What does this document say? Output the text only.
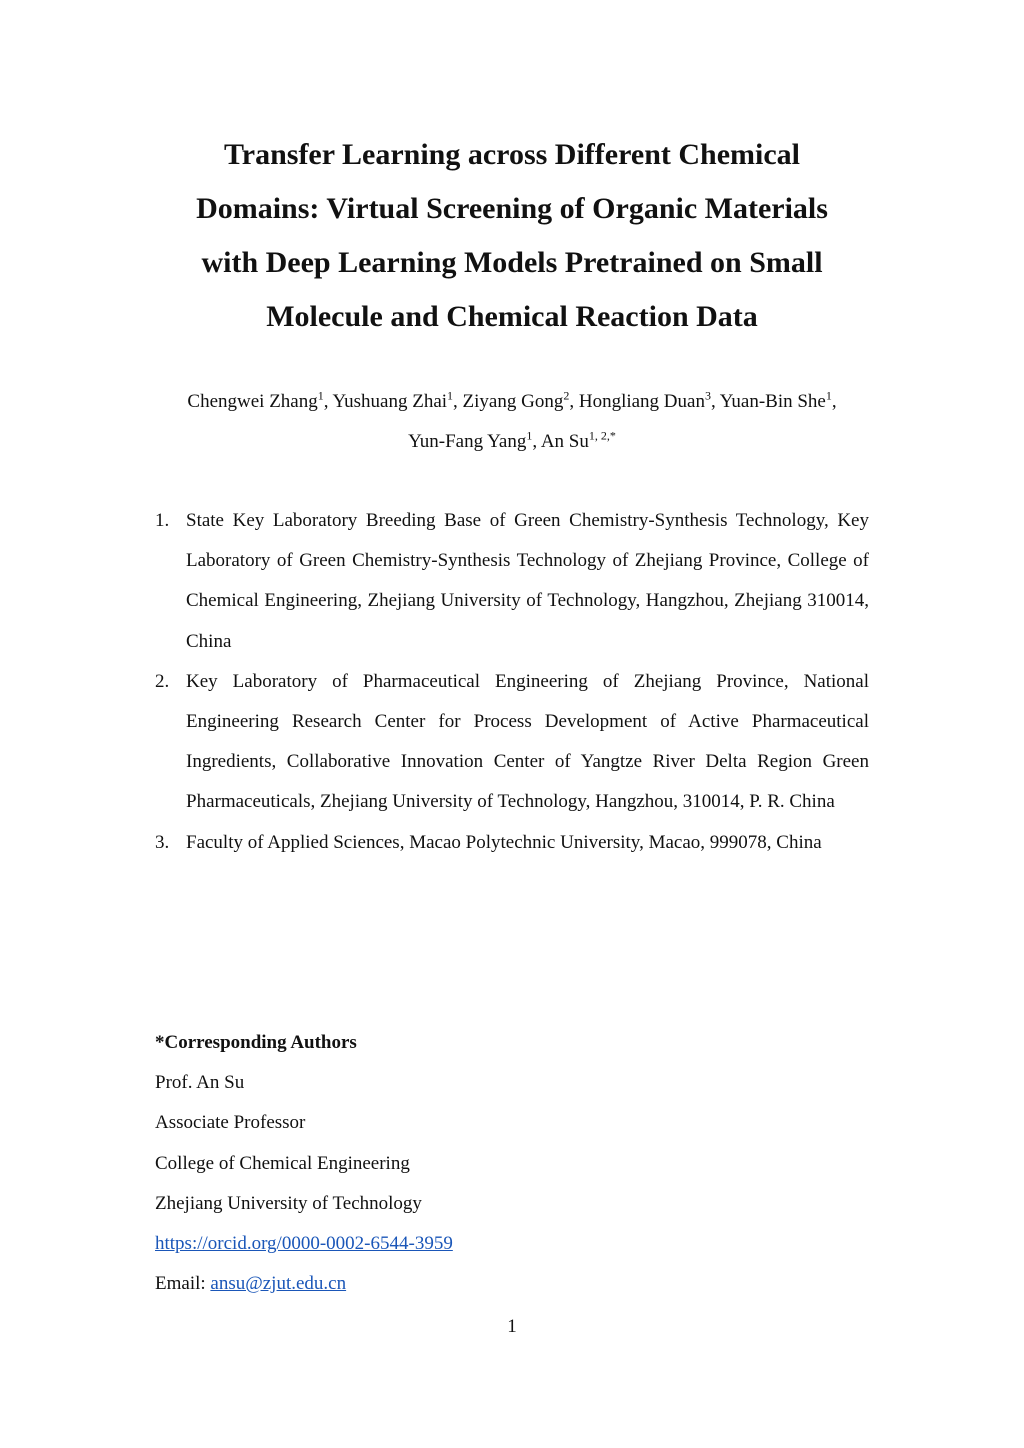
Transfer Learning across Different Chemical
Domains: Virtual Screening of Organic Materials
with Deep Learning Models Pretrained on Small
Molecule and Chemical Reaction Data
Chengwei Zhang$^1$, Yushuang Zhai$^1$, Ziyang Gong$^2$, Hongliang Duan$^3$, Yuan-Bin She$^1$,
Yun-Fang Yang$^1$, An $Su^{1, 2,*}$
1. State Key Laboratory Breeding Base of Green Chemistry-Synthesis Technology, Key Laboratory of Green Chemistry-Synthesis Technology of Zhejiang Province, College of Chemical Engineering, Zhejiang University of Technology, Hangzhou, Zhejiang 310014, China
2. Key Laboratory of Pharmaceutical Engineering of Zhejiang Province, National Engineering Research Center for Process Development of Active Pharmaceutical Ingredients, Collaborative Innovation Center of Yangtze River Delta Region Green Pharmaceuticals, Zhejiang University of Technology, Hangzhou, 310014, P. R. China
3. Faculty of Applied Sciences, Macao Polytechnic University, Macao, 999078, China
*Corresponding Authors
Prof. An Su
Associate Professor
College of Chemical Engineering
Zhejiang University of Technology
https://orcid.org/0000-0002-6544-3959
Email: ansu@zjut.edu.cn
1
